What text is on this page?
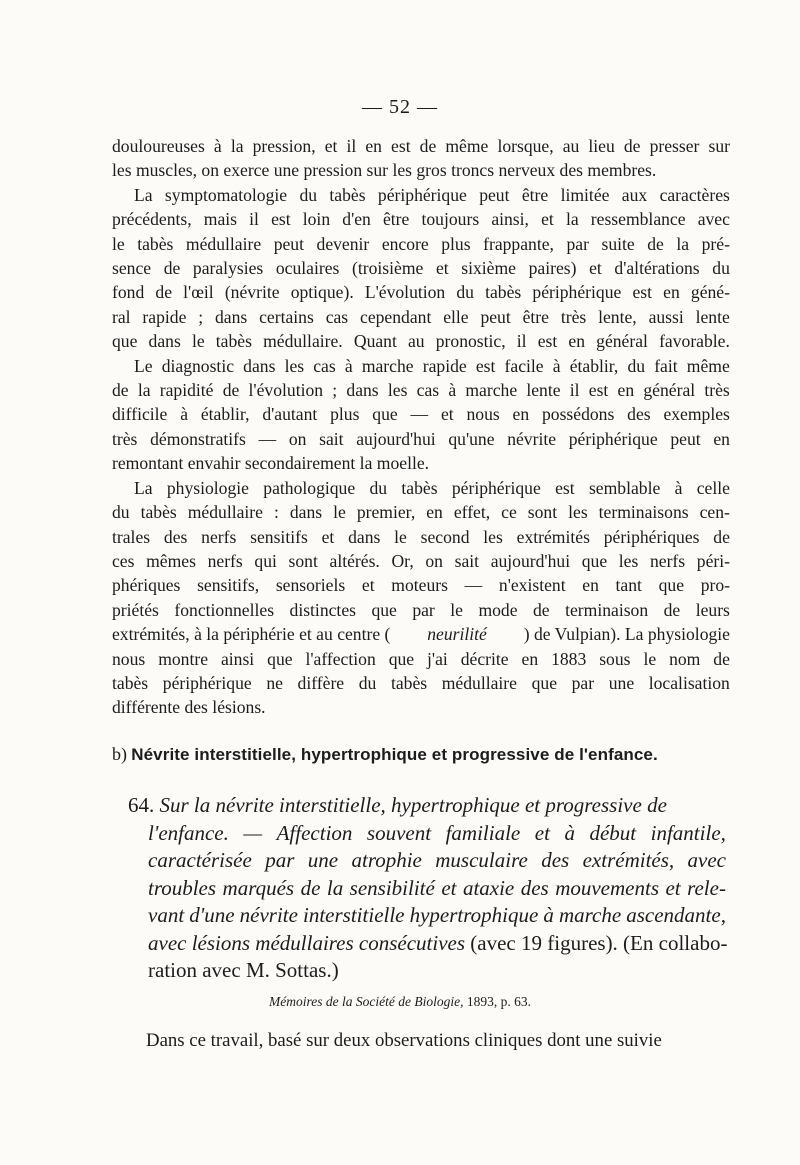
— 52 —
douloureuses à la pression, et il en est de même lorsque, au lieu de presser sur
les muscles, on exerce une pression sur les gros troncs nerveux des membres.
La symptomatologie du tabès périphérique peut être limitée aux caractères
précédents, mais il est loin d'en être toujours ainsi, et la ressemblance avec
le tabès médullaire peut devenir encore plus frappante, par suite de la pré-
sence de paralysies oculaires (troisième et sixième paires) et d'altérations du
fond de l'œil (névrite optique). L'évolution du tabès périphérique est en géné-
ral rapide ; dans certains cas cependant elle peut être très lente, aussi lente
que dans le tabès médullaire. Quant au pronostic, il est en général favorable.
Le diagnostic dans les cas à marche rapide est facile à établir, du fait même
de la rapidité de l'évolution ; dans les cas à marche lente il est en général très
difficile à établir, d'autant plus que — et nous en possédons des exemples
très démonstratifs — on sait aujourd'hui qu'une névrite périphérique peut en
remontant envahir secondairement la moelle.
La physiologie pathologique du tabès périphérique est semblable à celle
du tabès médullaire : dans le premier, en effet, ce sont les terminaisons cen-
trales des nerfs sensitifs et dans le second les extrémités périphériques de
ces mêmes nerfs qui sont altérés. Or, on sait aujourd'hui que les nerfs péri-
phériques sensitifs, sensoriels et moteurs — n'existent en tant que pro-
priétés fonctionnelles distinctes que par le mode de terminaison de leurs
extrémités, à la périphérie et au centre ( neurilité ) de Vulpian). La physiologie
nous montre ainsi que l'affection que j'ai décrite en 1883 sous le nom de
tabès périphérique ne diffère du tabès médullaire que par une localisation
différente des lésions.
b) Névrite interstitielle, hypertrophique et progressive de l'enfance.
64.
Sur la névrite interstitielle, hypertrophique et progressive de
l'enfance. — Affection souvent familiale et à début infantile,
caractérisée par une atrophie musculaire des extrémités, avec
troubles marqués de la sensibilité et ataxie des mouvements et rele-
vant d'une névrite interstitielle hypertrophique à marche ascendante,
avec lésions médullaires consécutives
(avec 19 figures). (En collabo-
ration avec M. Sottas.)
Mémoires de la Société de Biologie, 1893, p. 63.
Dans ce travail, basé sur deux observations cliniques dont une suivie
